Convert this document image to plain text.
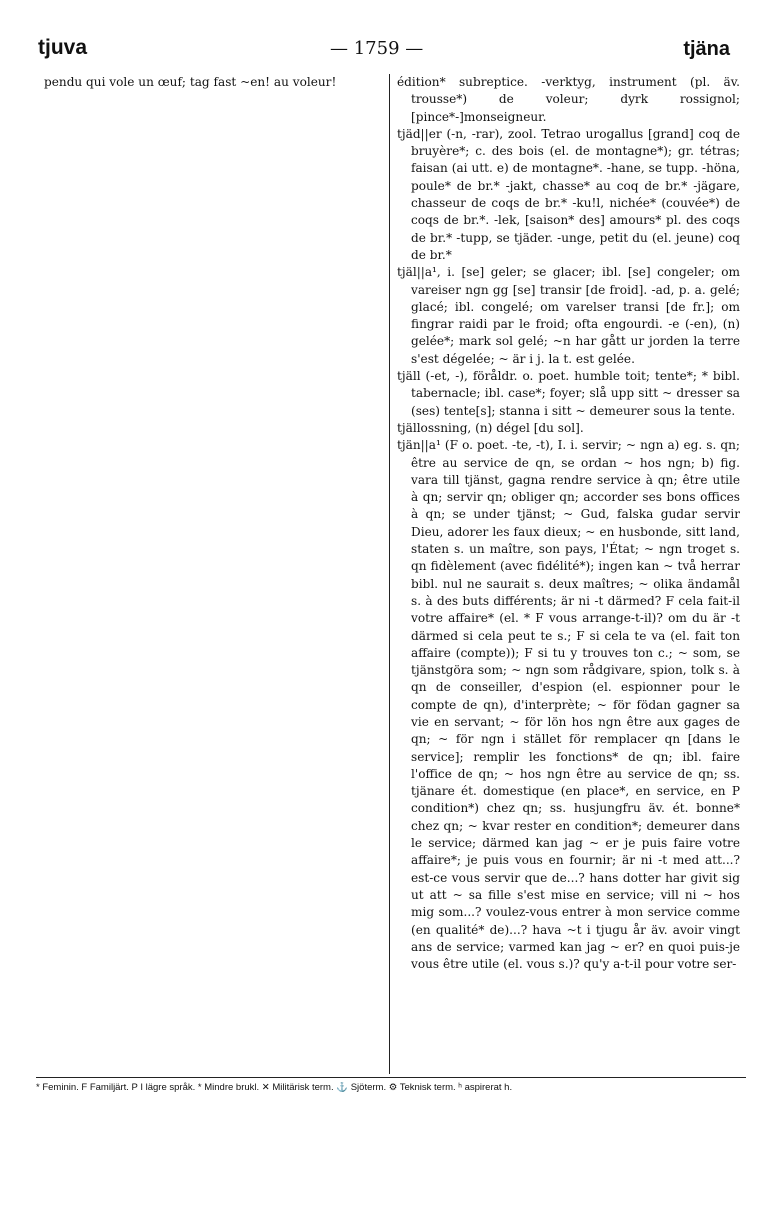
tjuva	— 1759 —	tjäna

pendu qui vole un œuf; tag fast ~en! au voleur!	édition* subreptice. -verktyg, instrument (pl. äv. trousse*) de voleur; dyrk rossignol; [pince*-]monseigneur.

tjäd||er (-n, -rar), zool. Tetrao urogallus [grand] coq de bruyère*; c. des bois (el. de montagne*); gr. tétras; faisan (ai utt. e) de montagne*. -hane, se tupp. -höna, poule* de br.* -jakt, chasse* au coq de br.* -jägare, chasseur de coqs de br.* -ku!l, nichée* (couvée*) de coqs de br.*. -lek, [saison* des] amours* pl. des coqs de br.* -tupp, se tjäder. -unge, petit du (el. jeune) coq de br.*

tjäl||a¹, i. [se] geler; se glacer; ibl. [se] congeler; om vareiser ngn gg [se] transir [de froid]. -ad, p. a. gelé; glacé; ibl. congelé; om varelser transi [de fr.]; om fingrar raidi par le froid; ofta engourdi. -e (-en), (n) gelée*; mark sol gelé; ~n har gått ur jorden la terre s'est dégelée; ~ är i j. la t. est gelée.

tjäll (-et, -), föråldr. o. poet. humble toit; tente*; * bibl. tabernacle; ibl. case*; foyer; slå upp sitt ~ dresser sa (ses) tente[s]; stanna i sitt ~ demeurer sous la tente.

tjällossning, (n) dégel [du sol].

tjän||a¹ (F o. poet. -te, -t), I. i. servir; ~ ngn a) eg. s. qn; être au service de qn, se ordan ~ hos ngn; b) fig. vara till tjänst, gagna rendre service à qn; être utile à qn; servir qn; obliger qn; accorder ses bons offices à qn; se under tjänst; ~ Gud, falska gudar servir Dieu, adorer les faux dieux; ~ en husbonde, sitt land, staten s. un maître, son pays, l'État; ~ ngn troget s. qn fidèlement (avec fidélité*); ingen kan ~ två herrar bibl. nul ne saurait s. deux maîtres; ~ olika ändamål s. à des buts différents; är ni -t därmed? F cela fait-il votre affaire* (el. * F vous arrange-t-il)? om du är -t därmed si cela peut te s.; F si cela te va (el. fait ton affaire (compte)); F si tu y trouves ton c.; ~ som, se tjänstgöra som; ~ ngn som rådgivare, spion, tolk s. à qn de conseiller, d'espion (el. espionner pour le compte de qn), d'interprète; ~ för födan gagner sa vie en servant; ~ för lön hos ngn être aux gages de qn; ~ för ngn i stället för remplacer qn [dans le service]; remplir les fonctions* de qn; ibl. faire l'office de qn; ~ hos ngn être au service de qn; ss. tjänare ét. domestique (en place*, en service, en P condition*) chez qn; ss. husjungfru äv. ét. bonne* chez qn; ~ kvar rester en condition*; demeurer dans le service; därmed kan jag ~ er je puis faire votre affaire*; je puis vous en fournir; är ni -t med att...? est-ce vous servir que de...? hans dotter har givit sig ut att ~ sa fille s'est mise en service; vill ni ~ hos mig som...? voulez-vous entrer à mon service comme (en qualité* de)...? hava ~t i tjugu år äv. avoir vingt ans de service; varmed kan jag ~ er? en quoi puis-je vous être utile (el. vous s.)? qu'y a-t-il pour votre ser-

* Feminin. F Familjärt. P I lägre språk. * Mindre brukl. ✕ Militärisk term. ⚓ Sjöterm. ⚙ Teknisk term. ʰ aspirerat h.
